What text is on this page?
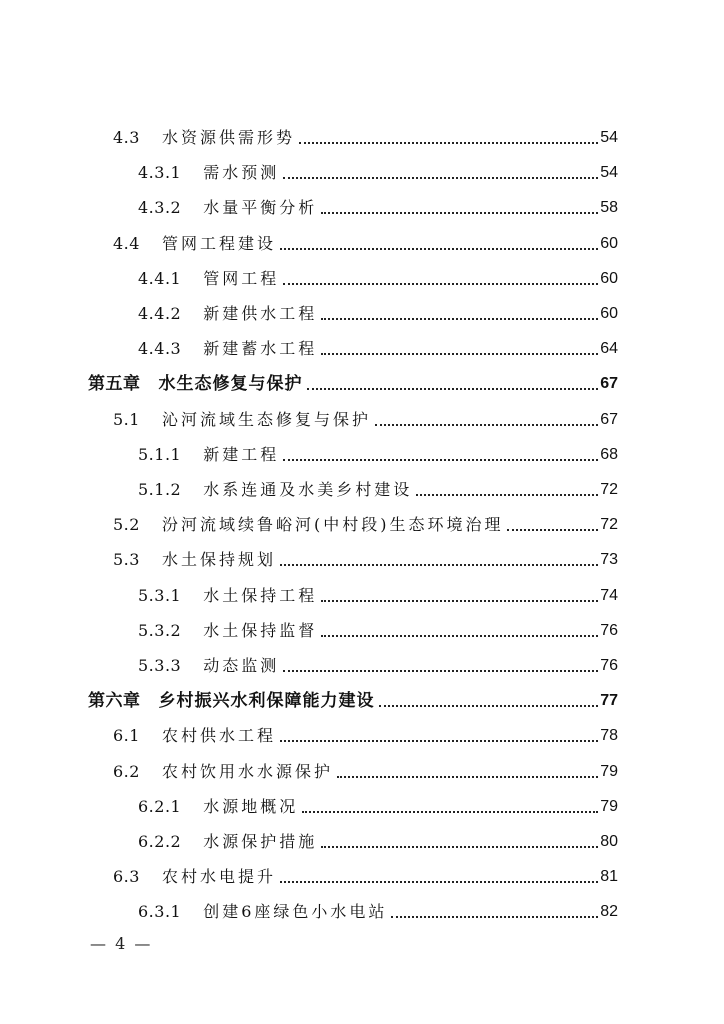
4.3 水资源供需形势	54
4.3.1 需水预测	54
4.3.2 水量平衡分析	58
4.4 管网工程建设	60
4.4.1 管网工程	60
4.4.2 新建供水工程	60
4.4.3 新建蓄水工程	64
第五章 水生态修复与保护	67
5.1 沁河流域生态修复与保护	67
5.1.1 新建工程	68
5.1.2 水系连通及水美乡村建设	72
5.2 汾河流域续鲁峪河(中村段)生态环境治理	72
5.3 水土保持规划	73
5.3.1 水土保持工程	74
5.3.2 水土保持监督	76
5.3.3 动态监测	76
第六章 乡村振兴水利保障能力建设	77
6.1 农村供水工程	78
6.2 农村饮用水水源保护	79
6.2.1 水源地概况	79
6.2.2 水源保护措施	80
6.3 农村水电提升	81
6.3.1 创建6座绿色小水电站	82
— 4 —
